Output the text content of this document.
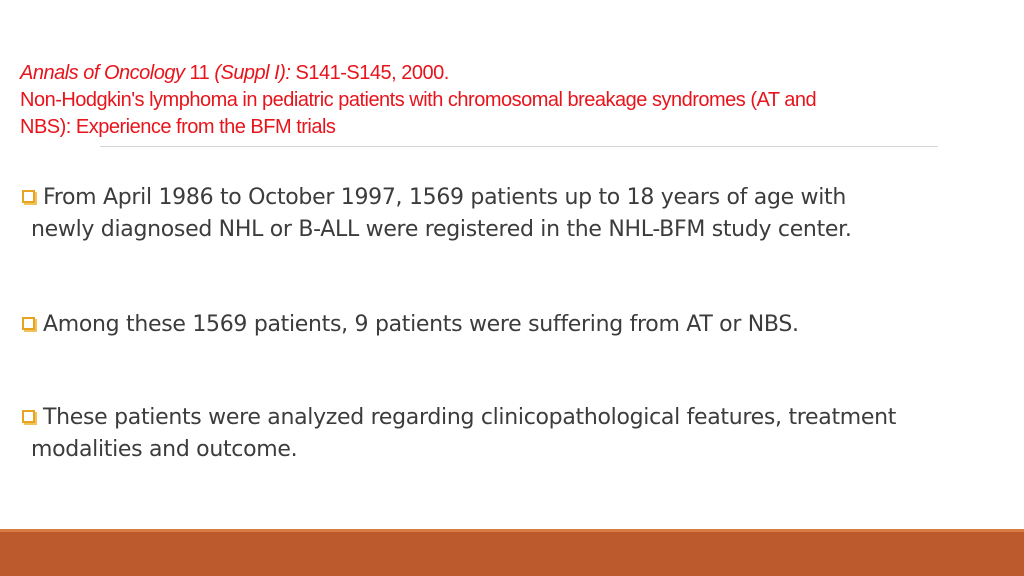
Annals of Oncology 11 (Suppl I): S141-S145, 2000.
Non-Hodgkin's lymphoma in pediatric patients with chromosomal breakage syndromes (AT and
NBS): Experience from the BFM trials
From April 1986 to October 1997, 1569 patients up to 18 years of age with
newly diagnosed NHL or B-ALL were registered in the NHL-BFM study center.
Among these 1569 patients, 9 patients were suffering from AT or NBS.
These patients were analyzed regarding clinicopathological features, treatment
modalities and outcome.
